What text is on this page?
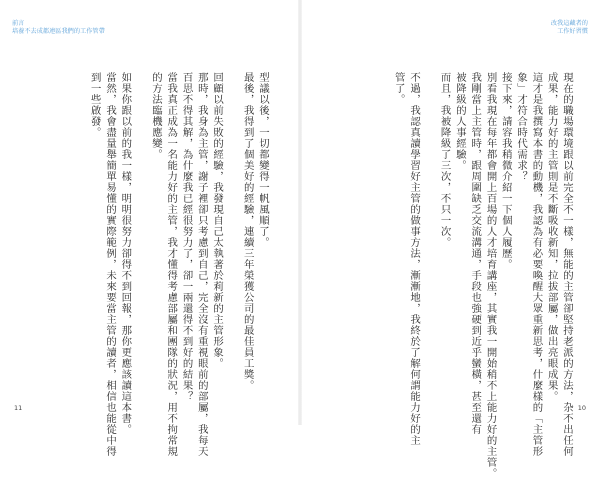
前言
培養不去成都連區我們的工作管帶
型議以後，一切都變得一帆風順了。
最後，我得到了個美好的經驗，連續三年榮獲公司的最佳員工獎。

回顧以前失敗的經驗，我發現自己太執著於莉新的主管形象。
那時，我身為主管，謝子裡卻只考慮到自己，完全沒有重視眼前的部屬，我每天
百思不得其解，為什麼我已經很努力了，卻一兩還得不到好的結果？
當我真正成為一名能力好的主管，我才懂得考慮部屬和團隊的狀況，用不拘常規
的方法臨機應變。

如果你跟以前的我一樣，明明很努力卻得不到回報，那你更應該讀這本書。
當然，我會盡量舉簡單易懂的實際範例，未來要當主管的讀者，相信也能從中得
到一些啟發。
11
改我這藏者的
工作好習慣
現在的職場環境跟以前完全不一樣，無能的主管卻堅持老派的方法，杂不出任何
成果，能力好的主管則是不斷吸收新知，拉拔部屬，做出亮眼成果。
這才是我撰寫本書的動機，我認為有必要喚醒大眾重新思考，什麼樣的「主管形
象」才符合時代需求？
接下來，請容我稍微介紹一下個人履歷。
別看我現在每年都會開上百場的人才培育講座，其實我一開始稍不上能力好的主管。
我剛當上主管時，跟周圍缺乏交流溝通，手段也強硬到近乎蠻橫，甚至還有
被降級的人事經驗。
而且，我被降級了三次，不只一次。

不過，我認真讀學習好主管的做事方法，漸漸地，我終於了解何謂能力好的主
管了。
10
